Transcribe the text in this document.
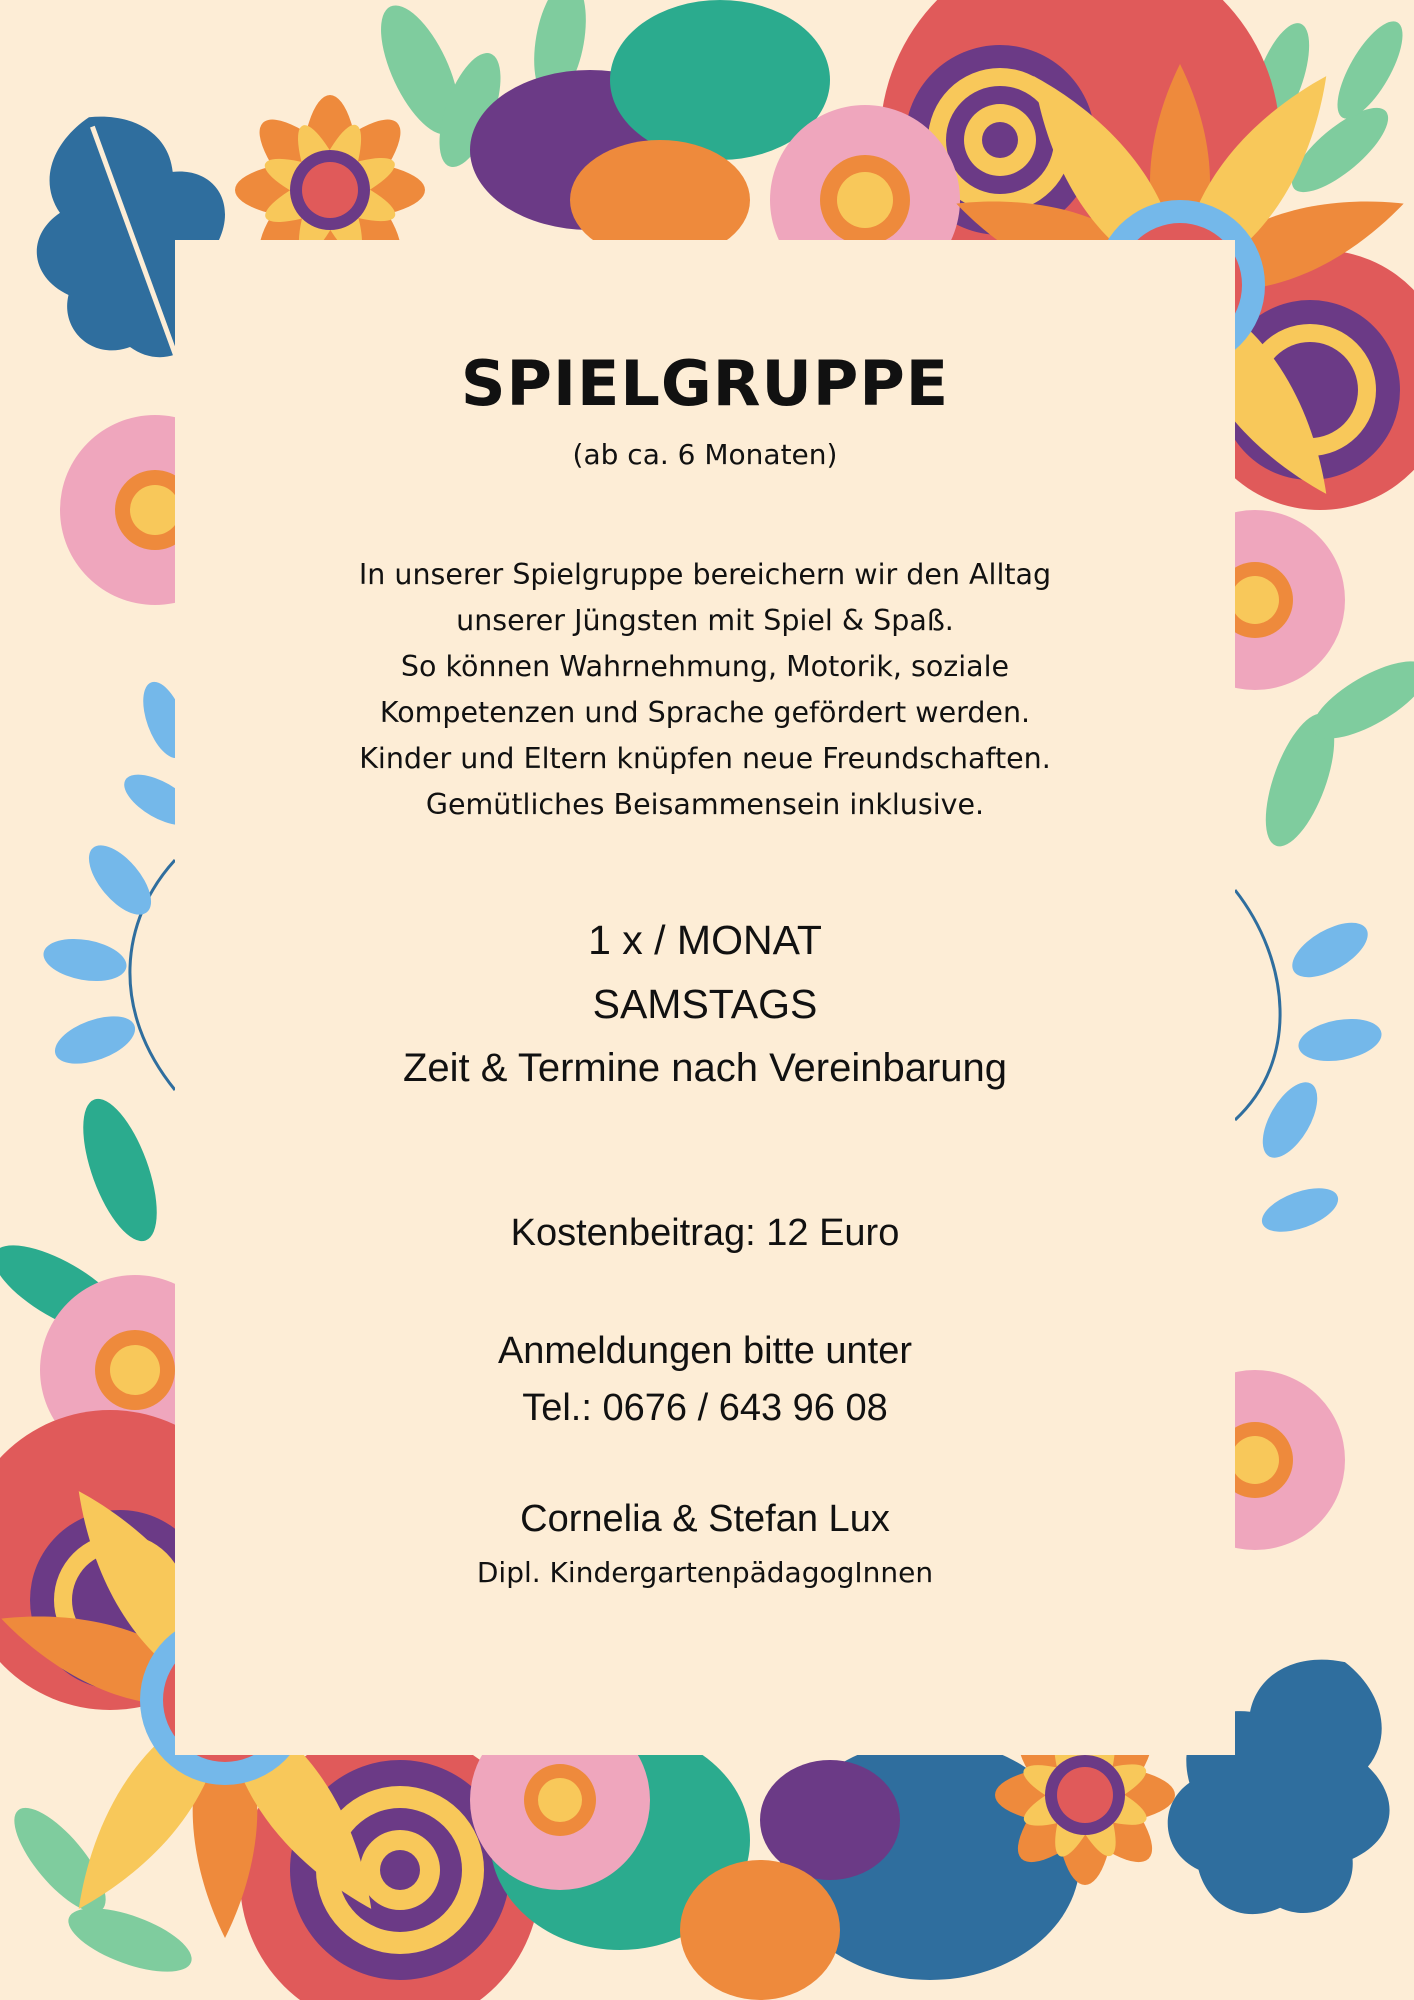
SPIELGRUPPE

(ab ca. 6 Monaten)

In unserer Spielgruppe bereichern wir den Alltag
unserer Jüngsten mit Spiel & Spaß.
So können Wahrnehmung, Motorik, soziale
Kompetenzen und Sprache gefördert werden.
Kinder und Eltern knüpfen neue Freundschaften.
Gemütliches Beisammensein inklusive.

1 x / MONAT
SAMSTAGS
Zeit & Termine nach Vereinbarung

Kostenbeitrag: 12 Euro

Anmeldungen bitte unter
Tel.: 0676 / 643 96 08

Cornelia & Stefan Lux

Dipl. KindergartenpädagogInnen
